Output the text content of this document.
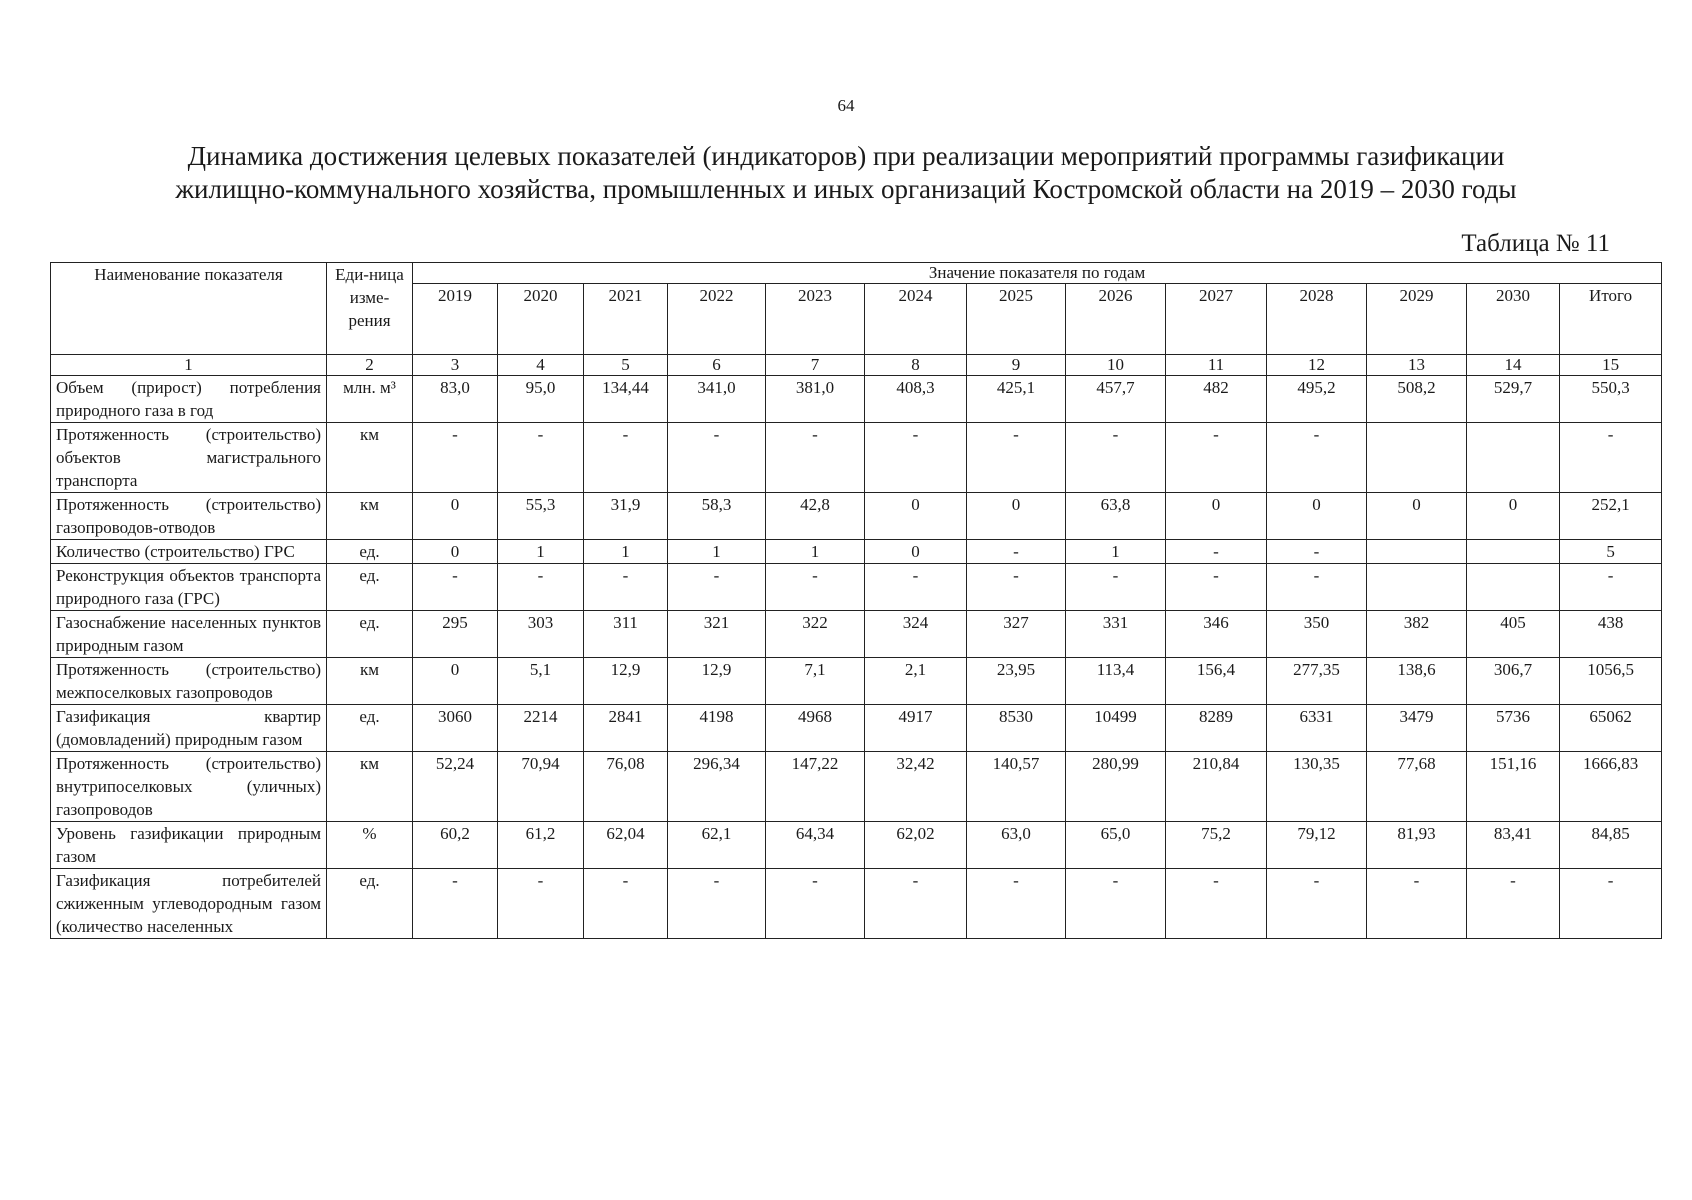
64
Динамика достижения целевых показателей (индикаторов) при реализации мероприятий программы газификации
жилищно-коммунального хозяйства, промышленных и иных организаций Костромской области на 2019 – 2030 годы
Таблица № 11
Наименование показателя	Еди-ница изме-рения	Значение показателя по годам												
		2019	2020	2021	2022	2023	2024	2025	2026	2027	2028	2029	2030	Итого
1	2	3	4	5	6	7	8	9	10	11	12	13	14	15
Объем (прирост) потребления природного газа в год	млн. м³	83,0	95,0	134,44	341,0	381,0	408,3	425,1	457,7	482	495,2	508,2	529,7	550,3
Протяженность (строительство) объектов магистрального транспорта	км	-	-	-	-	-	-	-	-	-	-			-
Протяженность (строительство) газопроводов-отводов	км	0	55,3	31,9	58,3	42,8	0	0	63,8	0	0	0	0	252,1
Количество (строительство) ГРС	ед.	0	1	1	1	1	0	-	1	-	-			5
Реконструкция объектов транспорта природного газа (ГРС)	ед.	-	-	-	-	-	-	-	-	-	-			-
Газоснабжение населенных пунктов природным газом	ед.	295	303	311	321	322	324	327	331	346	350	382	405	438
Протяженность (строительство) межпоселковых газопроводов	км	0	5,1	12,9	12,9	7,1	2,1	23,95	113,4	156,4	277,35	138,6	306,7	1056,5
Газификация квартир (домовладений) природным газом	ед.	3060	2214	2841	4198	4968	4917	8530	10499	8289	6331	3479	5736	65062
Протяженность (строительство) внутрипоселковых (уличных) газопроводов	км	52,24	70,94	76,08	296,34	147,22	32,42	140,57	280,99	210,84	130,35	77,68	151,16	1666,83
Уровень газификации природным газом	%	60,2	61,2	62,04	62,1	64,34	62,02	63,0	65,0	75,2	79,12	81,93	83,41	84,85
Газификация потребителей сжиженным углеводородным газом (количество населенных	ед.	-	-	-	-	-	-	-	-	-	-	-	-	-
